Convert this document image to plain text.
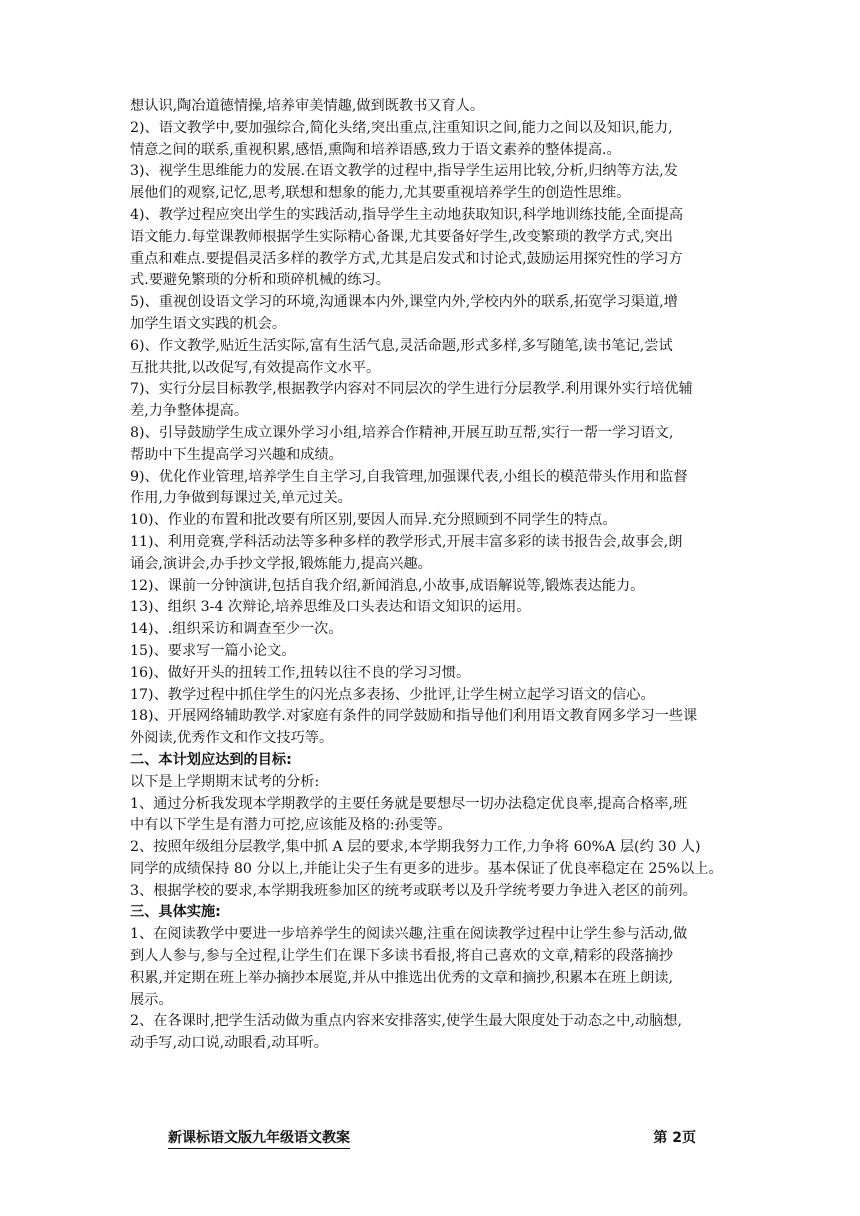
想认识,陶冶道德情操,培养审美情趣,做到既教书又育人。
2)、语文教学中,要加强综合,简化头绪,突出重点,注重知识之间,能力之间以及知识,能力,
情意之间的联系,重视积累,感悟,熏陶和培养语感,致力于语文素养的整体提高.。
3)、视学生思维能力的发展.在语文教学的过程中,指导学生运用比较,分析,归纳等方法,发
展他们的观察,记忆,思考,联想和想象的能力,尤其要重视培养学生的创造性思维。
4)、教学过程应突出学生的实践活动,指导学生主动地获取知识,科学地训练技能,全面提高
语文能力.每堂课教师根据学生实际精心备课,尤其要备好学生,改变繁琐的教学方式,突出
重点和难点.要提倡灵活多样的教学方式,尤其是启发式和讨论式,鼓励运用探究性的学习方
式.要避免繁琐的分析和琐碎机械的练习。
5)、重视创设语文学习的环境,沟通课本内外,课堂内外,学校内外的联系,拓宽学习渠道,增
加学生语文实践的机会。
6)、作文教学,贴近生活实际,富有生活气息,灵活命题,形式多样,多写随笔,读书笔记,尝试
互批共批,以改促写,有效提高作文水平。
7)、实行分层目标教学,根据教学内容对不同层次的学生进行分层教学.利用课外实行培优辅
差,力争整体提高。
8)、引导鼓励学生成立课外学习小组,培养合作精神,开展互助互帮,实行一帮一学习语文,
帮助中下生提高学习兴趣和成绩。
9)、优化作业管理,培养学生自主学习,自我管理,加强课代表,小组长的模范带头作用和监督
作用,力争做到每课过关,单元过关。
10)、作业的布置和批改要有所区别,要因人而异.充分照顾到不同学生的特点。
11)、利用竞赛,学科活动法等多种多样的教学形式,开展丰富多彩的读书报告会,故事会,朗
诵会,演讲会,办手抄文学报,锻炼能力,提高兴趣。
12)、课前一分钟演讲,包括自我介绍,新闻消息,小故事,成语解说等,锻炼表达能力。
13)、组织 3-4 次辩论,培养思维及口头表达和语文知识的运用。
14)、.组织采访和调查至少一次。
15)、要求写一篇小论文。
16)、做好开头的扭转工作,扭转以往不良的学习习惯。
17)、教学过程中抓住学生的闪光点多表扬、少批评,让学生树立起学习语文的信心。
18)、开展网络辅助教学.对家庭有条件的同学鼓励和指导他们利用语文教育网多学习一些课
外阅读,优秀作文和作文技巧等。
二、本计划应达到的目标:
以下是上学期期末试考的分析:
1、通过分析我发现本学期教学的主要任务就是要想尽一切办法稳定优良率,提高合格率,班
中有以下学生是有潜力可挖,应该能及格的:孙雯等。
2、按照年级组分层教学,集中抓 A 层的要求,本学期我努力工作,力争将 60%A 层(约 30 人)
同学的成绩保持 80 分以上,并能让尖子生有更多的进步。基本保证了优良率稳定在 25%以上。
3、根据学校的要求,本学期我班参加区的统考或联考以及升学统考要力争进入老区的前列。
三、具体实施:
1、在阅读教学中要进一步培养学生的阅读兴趣,注重在阅读教学过程中让学生参与活动,做
到人人参与,参与全过程,让学生们在课下多读书看报,将自己喜欢的文章,精彩的段落摘抄
积累,并定期在班上举办摘抄本展览,并从中推选出优秀的文章和摘抄,积累本在班上朗读,
展示。
2、在各课时,把学生活动做为重点内容来安排落实,使学生最大限度处于动态之中,动脑想,
动手写,动口说,动眼看,动耳听。
新课标语文版九年级语文教案	第 2页
